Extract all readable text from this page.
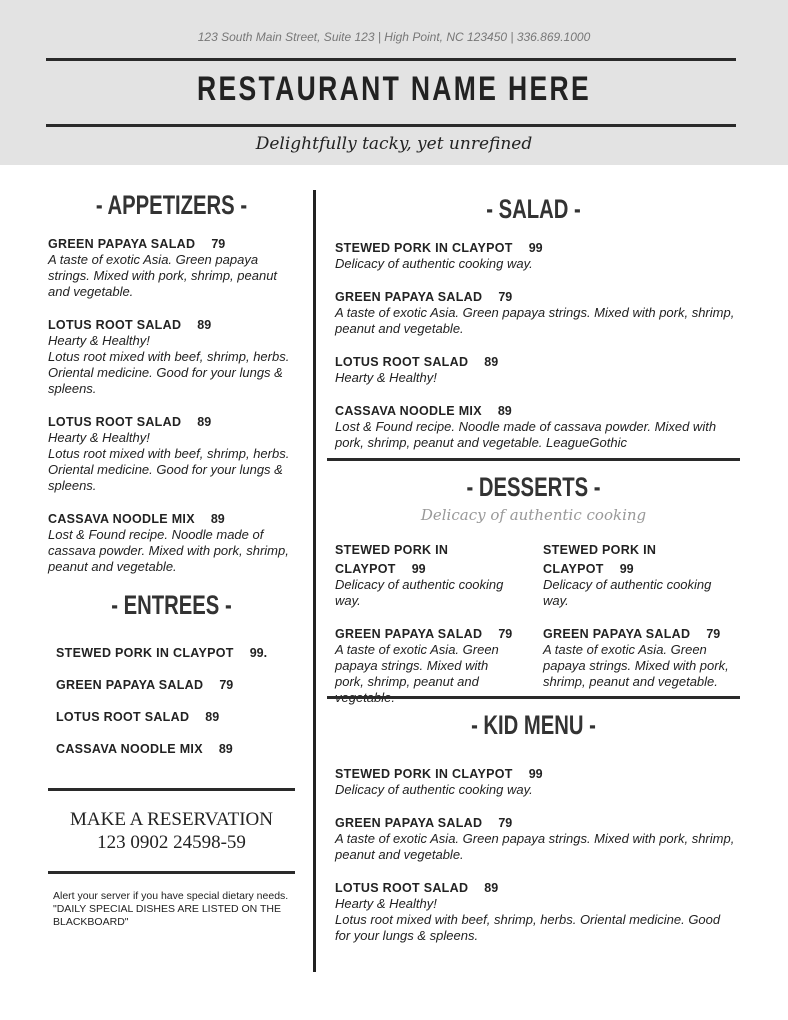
123 South Main Street, Suite 123 | High Point, NC 123450 | 336.869.1000
RESTAURANT NAME HERE
Delightfully tacky, yet unrefined
- APPETIZERS -
GREEN PAPAYA SALAD 79
A taste of exotic Asia. Green papaya strings. Mixed with pork, shrimp, peanut and vegetable.
LOTUS ROOT SALAD 89
Hearty & Healthy!
Lotus root mixed with beef, shrimp, herbs. Oriental medicine. Good for your lungs & spleens.
LOTUS ROOT SALAD 89
Hearty & Healthy!
Lotus root mixed with beef, shrimp, herbs. Oriental medicine. Good for your lungs & spleens.
CASSAVA NOODLE MIX 89
Lost & Found recipe. Noodle made of cassava powder. Mixed with pork, shrimp, peanut and vegetable.
- ENTREES -
STEWED PORK IN CLAYPOT 99.
GREEN PAPAYA SALAD 79
LOTUS ROOT SALAD 89
CASSAVA NOODLE MIX 89
MAKE A RESERVATION
123 0902 24598-59
Alert your server if you have special dietary needs.
"DAILY SPECIAL DISHES ARE LISTED ON THE BLACKBOARD"
- SALAD -
STEWED PORK IN CLAYPOT 99
Delicacy of authentic cooking way.
GREEN PAPAYA SALAD 79
A taste of exotic Asia. Green papaya strings. Mixed with pork, shrimp, peanut and vegetable.
LOTUS ROOT SALAD 89
Hearty & Healthy!
CASSAVA NOODLE MIX 89
Lost & Found recipe. Noodle made of cassava powder. Mixed with pork, shrimp, peanut and vegetable. LeagueGothic
- DESSERTS -
Delicacy of authentic cooking
STEWED PORK IN CLAYPOT 99
Delicacy of authentic cooking way.
GREEN PAPAYA SALAD 79
A taste of exotic Asia. Green papaya strings. Mixed with pork, shrimp, peanut and
STEWED PORK IN CLAYPOT 99
Delicacy of authentic cooking way.
GREEN PAPAYA SALAD 79
A taste of exotic Asia. Green papaya strings. Mixed with pork, shrimp, peanut and vegetable.
- KID MENU -
STEWED PORK IN CLAYPOT 99
Delicacy of authentic cooking way.
GREEN PAPAYA SALAD 79
A taste of exotic Asia. Green papaya strings. Mixed with pork, shrimp, peanut and vegetable.
LOTUS ROOT SALAD 89
Hearty & Healthy!
Lotus root mixed with beef, shrimp, herbs. Oriental medicine. Good for your lungs & spleens.
